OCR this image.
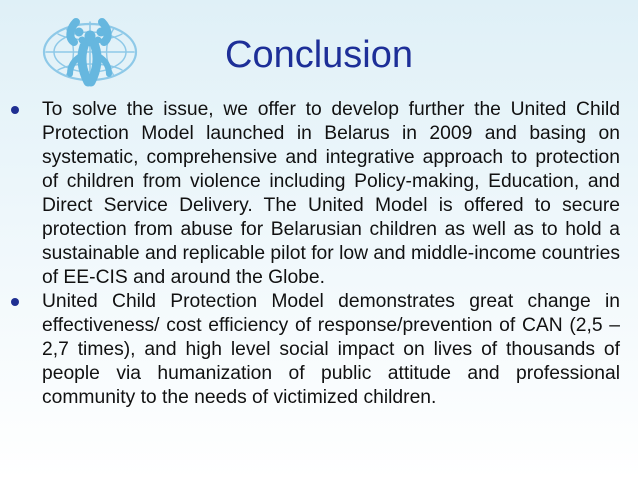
Conclusion
To solve the issue, we offer to develop further the United Child Protection Model launched in Belarus in 2009 and basing on systematic, comprehensive and integrative approach to protection of children from violence including Policy-making, Education, and Direct Service Delivery. The United Model is offered to secure protection from abuse for Belarusian children as well as to hold a sustainable and replicable pilot for low and middle-income countries of EE-CIS and around the Globe.
United Child Protection Model demonstrates great change in effectiveness/ cost efficiency of response/prevention of CAN (2,5 – 2,7 times), and high level social impact on lives of thousands of people via humanization of public attitude and professional community to the needs of victimized children.
